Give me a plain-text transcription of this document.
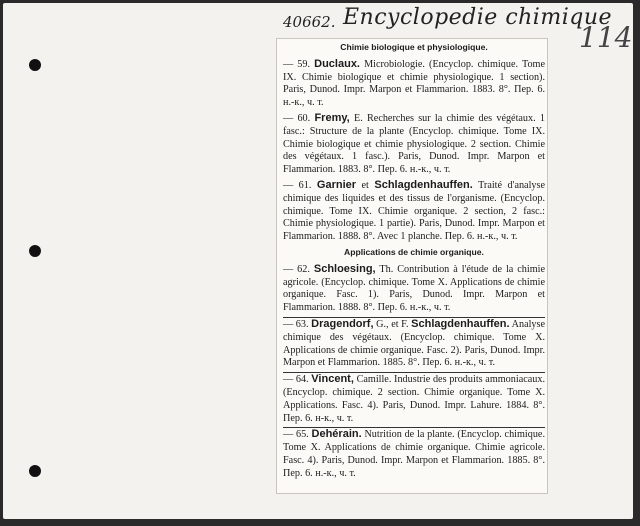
40662. Encyclopedie chimique
114
Chimie biologique et physiologique.

— 59. Duclaux. Microbiologie. (Encyclop. chimique. Tome IX. Chimie biologique et chimie physiologique. 1 section). Paris, Dunod. Impr. Marpon et Flammarion. 1883. 8°. Пер. 6. н.-к., ч. т.

— 60. Fremy, E. Recherches sur la chimie des végétaux. 1 fasc.: Structure de la plante (Encyclop. chimique. Tome IX. Chimie biologique et chimie physiologique. 2 section. Chimie des végétaux. 1 fasc.). Paris, Dunod. Impr. Marpon et Flammarion. 1883. 8°. Пер. 6. н.-к., ч. т.

— 61. Garnier et Schlagdenhauffen. Traité d'analyse chimique des liquides et des tissus de l'organisme. (Encyclop. chimique. Tome IX. Chimie organique. 2 section, 2 fasc.: Chimie physiologique. 1 partie). Paris, Dunod. Impr. Marpon et Flammarion. 1888. 8°. Avec 1 planche. Пер. 6. н.-к., ч. т.

Applications de chimie organique.

— 62. Schloesing, Th. Contribution à l'étude de la chimie agricole. (Encyclop. chimique. Tome X. Applications de chimie organique. Fasc. 1). Paris, Dunod. Impr. Marpon et Flammarion. 1888. 8°. Пер. 6. н.-к., ч. т.

— 63. Dragendorf, G., et F. Schlagdenhauffen. Analyse chimique des végétaux. (Encyclop. chimique. Tome X. Applications de chimie organique. Fasc. 2). Paris, Dunod. Impr. Marpon et Flammarion. 1885. 8°. Пер. 6. н.-к., ч. т.

— 64. Vincent, Camille. Industrie des produits ammoniacaux. (Encyclop. chimique. 2 section. Chimie organique. Tome X. Applications. Fasc. 4). Paris, Dunod. Impr. Lahure. 1884. 8°. Пер. 6. н-к., ч. т.

— 65. Dehérain. Nutrition de la plante. (Encyclop. chimique. Tome X. Applications de chimie organique. Chimie agricole. Fasc. 4). Paris, Dunod. Impr. Marpon et Flammarion. 1885. 8°. Пер. 6. н.-к., ч. т.
